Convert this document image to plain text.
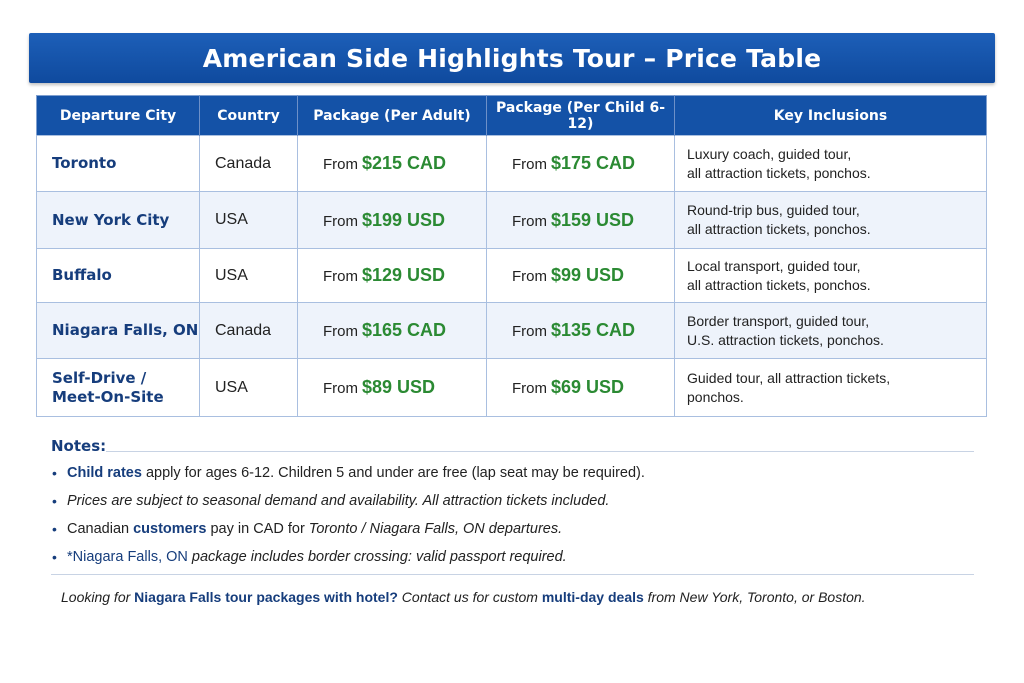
American Side Highlights Tour – Price Table
Departure City	Country	Package (Per Adult)	Package (Per Child 6-12)	Key Inclusions
Toronto	Canada	From $215 CAD	From $175 CAD	Luxury coach, guided tour,
all attraction tickets, ponchos.
New York City	USA	From $199 USD	From $159 USD	Round-trip bus, guided tour,
all attraction tickets, ponchos.
Buffalo	USA	From $129 USD	From $99 USD	Local transport, guided tour,
all attraction tickets, ponchos.
Niagara Falls, ON	Canada	From $165 CAD	From $135 CAD	Border transport, guided tour,
U.S. attraction tickets, ponchos.
Self-Drive /
Meet-On-Site	USA	From $89 USD	From $69 USD	Guided tour, all attraction tickets,
ponchos.
Notes:
• Child rates apply for ages 6-12. Children 5 and under are free (lap seat may be required).
• Prices are subject to seasonal demand and availability. All attraction tickets included.
• Canadian customers pay in CAD for Toronto / Niagara Falls, ON departures.
• *Niagara Falls, ON package includes border crossing: valid passport required.
Looking for Niagara Falls tour packages with hotel? Contact us for custom multi-day deals from New York, Toronto, or Boston.
